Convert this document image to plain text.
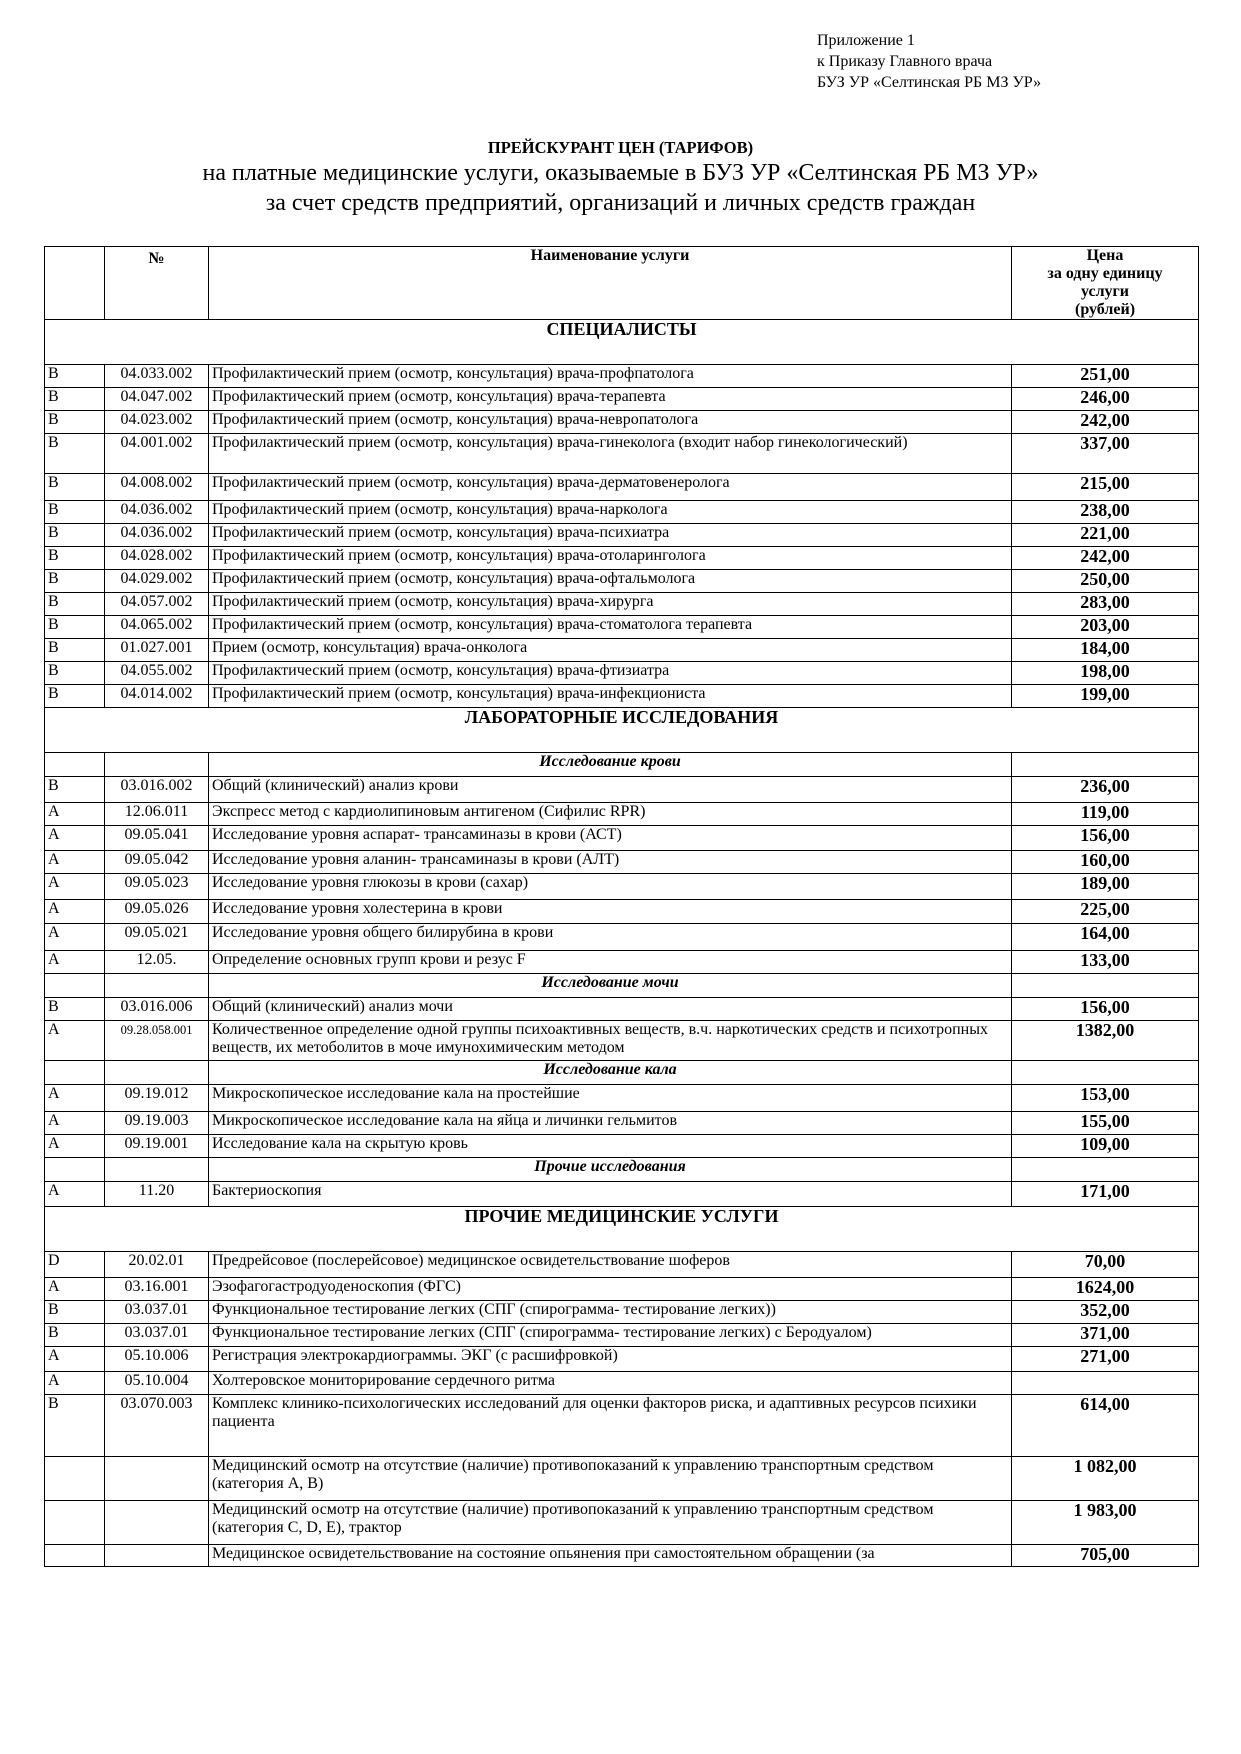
Приложение 1
к Приказу Главного врача
БУЗ УР «Селтинская РБ МЗ УР»
ПРЕЙСКУРАНТ ЦЕН (ТАРИФОВ)
на платные медицинские услуги, оказываемые в БУЗ УР «Селтинская РБ МЗ УР»
за счет средств предприятий, организаций и личных средств граждан
	№	Наименование услуги	Цена
за одну единицу
услуги
(рублей)

СПЕЦИАЛИСТЫ			
В	04.033.002	Профилактический прием (осмотр, консультация) врача-профпатолога	251,00
В	04.047.002	Профилактический прием (осмотр, консультация) врача-терапевта	246,00
В	04.023.002	Профилактический прием (осмотр, консультация) врача-невропатолога	242,00
В	04.001.002	Профилактический прием (осмотр, консультация) врача-гинеколога (входит набор гинекологический)	337,00
В	04.008.002	Профилактический прием (осмотр, консультация) врача-дерматовенеролога	215,00
В	04.036.002	Профилактический прием (осмотр, консультация) врача-нарколога	238,00
В	04.036.002	Профилактический прием (осмотр, консультация) врача-психиатра	221,00
В	04.028.002	Профилактический прием (осмотр, консультация) врача-отоларинголога	242,00
В	04.029.002	Профилактический прием (осмотр, консультация) врача-офтальмолога	250,00
В	04.057.002	Профилактический прием (осмотр, консультация) врача-хирурга	283,00
В	04.065.002	Профилактический прием (осмотр, консультация) врача-стоматолога терапевта	203,00
В	01.027.001	Прием (осмотр, консультация) врача-онколога	184,00
В	04.055.002	Профилактический прием (осмотр, консультация) врача-фтизиатра	198,00
В	04.014.002	Профилактический прием (осмотр, консультация) врача-инфекциониста	199,00
ЛАБОРАТОРНЫЕ ИССЛЕДОВАНИЯ			
		Исследование крови	
В	03.016.002	Общий (клинический) анализ крови	236,00
А	12.06.011	Экспресс метод с кардиолипиновым антигеном (Сифилис RPR)	119,00
А	09.05.041	Исследование уровня аспарат- трансаминазы в крови (АСТ)	156,00
А	09.05.042	Исследование уровня аланин- трансаминазы в крови (АЛТ)	160,00
А	09.05.023	Исследование уровня глюкозы в крови (сахар)	189,00
А	09.05.026	Исследование уровня холестерина в крови	225,00
А	09.05.021	Исследование уровня общего билирубина в крови	164,00
А	12.05.	Определение основных групп крови и резус F	133,00
		Исследование мочи	
В	03.016.006	Общий (клинический) анализ мочи	156,00
А	09.28.058.001	Количественное определение одной группы психоактивных веществ, в.ч. наркотических средств и психотропных веществ, их метоболитов в моче имунохимическим методом	1382,00
		Исследование кала	
А	09.19.012	Микроскопическое исследование кала на простейшие	153,00
А	09.19.003	Микроскопическое исследование кала на яйца и личинки гельмитов	155,00
А	09.19.001	Исследование кала на скрытую кровь	109,00
		Прочие исследования	
А	11.20	Бактериоскопия	171,00
ПРОЧИЕ МЕДИЦИНСКИЕ УСЛУГИ			
D	20.02.01	Предрейсовое (послерейсовое) медицинское освидетельствование шоферов	70,00
А	03.16.001	Эзофагогастродуоденоскопия (ФГС)	1624,00
В	03.037.01	Функциональное тестирование легких (СПГ (спирограмма- тестирование легких))	352,00
В	03.037.01	Функциональное тестирование легких (СПГ (спирограмма- тестирование легких) с Беродуалом)	371,00
А	05.10.006	Регистрация электрокардиограммы. ЭКГ (с расшифровкой)	271,00
А	05.10.004	Холтеровское мониторирование сердечного ритма	
В	03.070.003	Комплекс клинико-психологических исследований для оценки факторов риска, и адаптивных ресурсов психики пациента	614,00
		Медицинский осмотр на отсутствие (наличие) противопоказаний к управлению транспортным средством (категория А, В)	1 082,00
		Медицинский осмотр на отсутствие (наличие) противопоказаний к управлению транспортным средством (категория С, D, Е), трактор	1 983,00
		Медицинское освидетельствование на состояние опьянения при самостоятельном обращении (за	705,00
